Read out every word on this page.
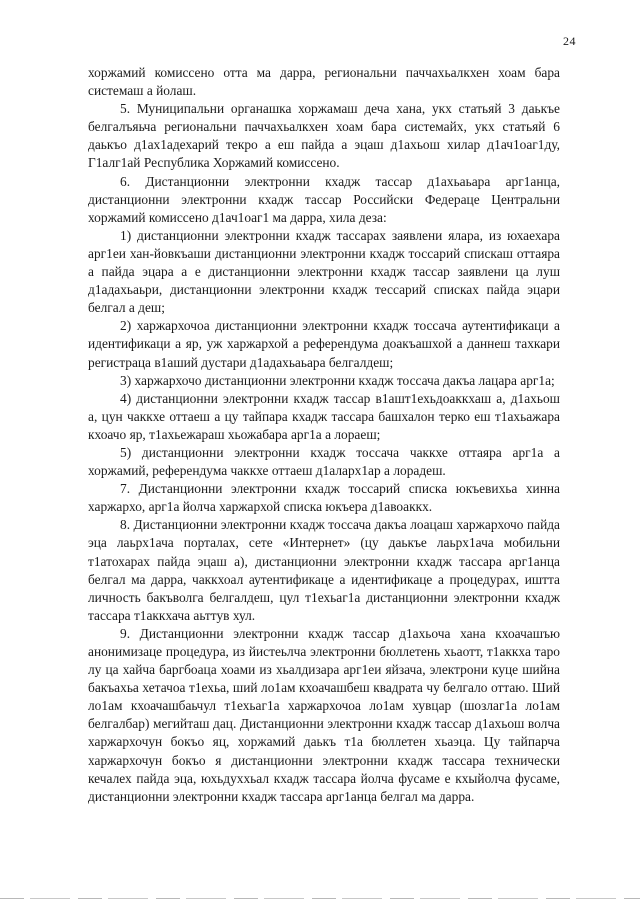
24

хоржамий комиссено отта ма дарра, региональни паччахьалкхен хоам бара системаш а йолаш.

5. Муниципальни органашка хоржамаш деча хана, укх статьяй 3 даькъе белгалъяьча региональни паччахьалкхен хоам бара системайх, укх статьяй 6 даькъо д1ах1адехарий текро а еш пайда а эцаш д1ахьош хилар д1ач1оаг1ду, Г1алг1ай Республика Хоржамий комиссено.

6. Дистанционни электронни кхадж тассар д1ахьаьара арг1анца, дистанционни электронни кхадж тассар Российски Федераце Центральни хоржамий комиссено д1ач1оаг1 ма дарра, хила деза:

1) дистанционни электронни кхадж тассарах заявлени ялара, из юхаехара арг1еи хан-йовкъаши дистанционни электронни кхадж тоссарий спискаш оттаяра а пайда эцара а е дистанционни электронни кхадж тассар заявлени ца луш д1адахьаьри, дистанционни электронни кхадж тессарий списках пайда эцари белгал а деш;

2) харжархочоа дистанционни электронни кхадж тоссача аутентификаци а идентификаци а яр, уж харжархой а референдума доакъашхой а даннеш тахкари регистраца в1аший дустари д1адахьаьара белгалдеш;

3) харжархочо дистанционни электронни кхадж тоссача дакъа лацара арг1а;

4) дистанционни электронни кхадж тассар в1ашт1ехьдоаккхаш а, д1ахьош а, цун чаккхе оттаеш а цу тайпара кхадж тассара башхалон терко еш т1ахьажара кхоачо яр, т1ахьежараш хьожабара арг1а а лораеш;

5) дистанционни электронни кхадж тоссача чаккхе оттаяра арг1а а хоржамий, референдума чаккхе оттаеш д1аларх1ар а лорадеш.

7. Дистанционни электронни кхадж тоссарий списка юкъевихьа хинна харжархо, арг1а йолча харжархой списка юкъера д1авоаккх.

8. Дистанционни электронни кхадж тоссача дакъа лоацаш харжархочо пайда эца лаьрх1ача порталах, сете «Интернет» (цу даькъе лаьрх1ача мобильни т1атохарах пайда эцаш а), дистанционни электронни кхадж тассара арг1анца белгал ма дарра, чаккхоал аутентификаце а идентификаце а процедурах, иштта личность бакъволга белгалдеш, цул т1ехьаг1а дистанционни электронни кхадж тассара т1аккхача аьттув хул.

9. Дистанционни электронни кхадж тассар д1ахьоча хана кхоачашъю анонимизаце процедура, из йистеьлча электронни бюллетень хьаотт, т1аккха таро лу ца хайча баргбоаца хоами из хьалдизара арг1еи яйзача, электрони куце шийна бакъахьа хетачоа т1ехьа, ший ло1ам кхоачашбеш квадрата чу белгало оттаю. Ший ло1ам кхоачашбаьчул т1ехьаг1а харжархочоа ло1ам хувцар (шозлаг1а ло1ам белгалбар) мегийташ дац. Дистанционни электронни кхадж тассар д1ахьош волча харжархочун бокъо яц, хоржамий даькъ т1а бюллетен хьаэца. Цу тайпарча харжархочун бокъо я дистанционни электронни кхадж тассара технически кечалех пайда эца, юхьдуххьал кхадж тассара йолча фусаме е кхыйолча фусаме, дистанционни электронни кхадж тассара арг1анца белгал ма дарра.
